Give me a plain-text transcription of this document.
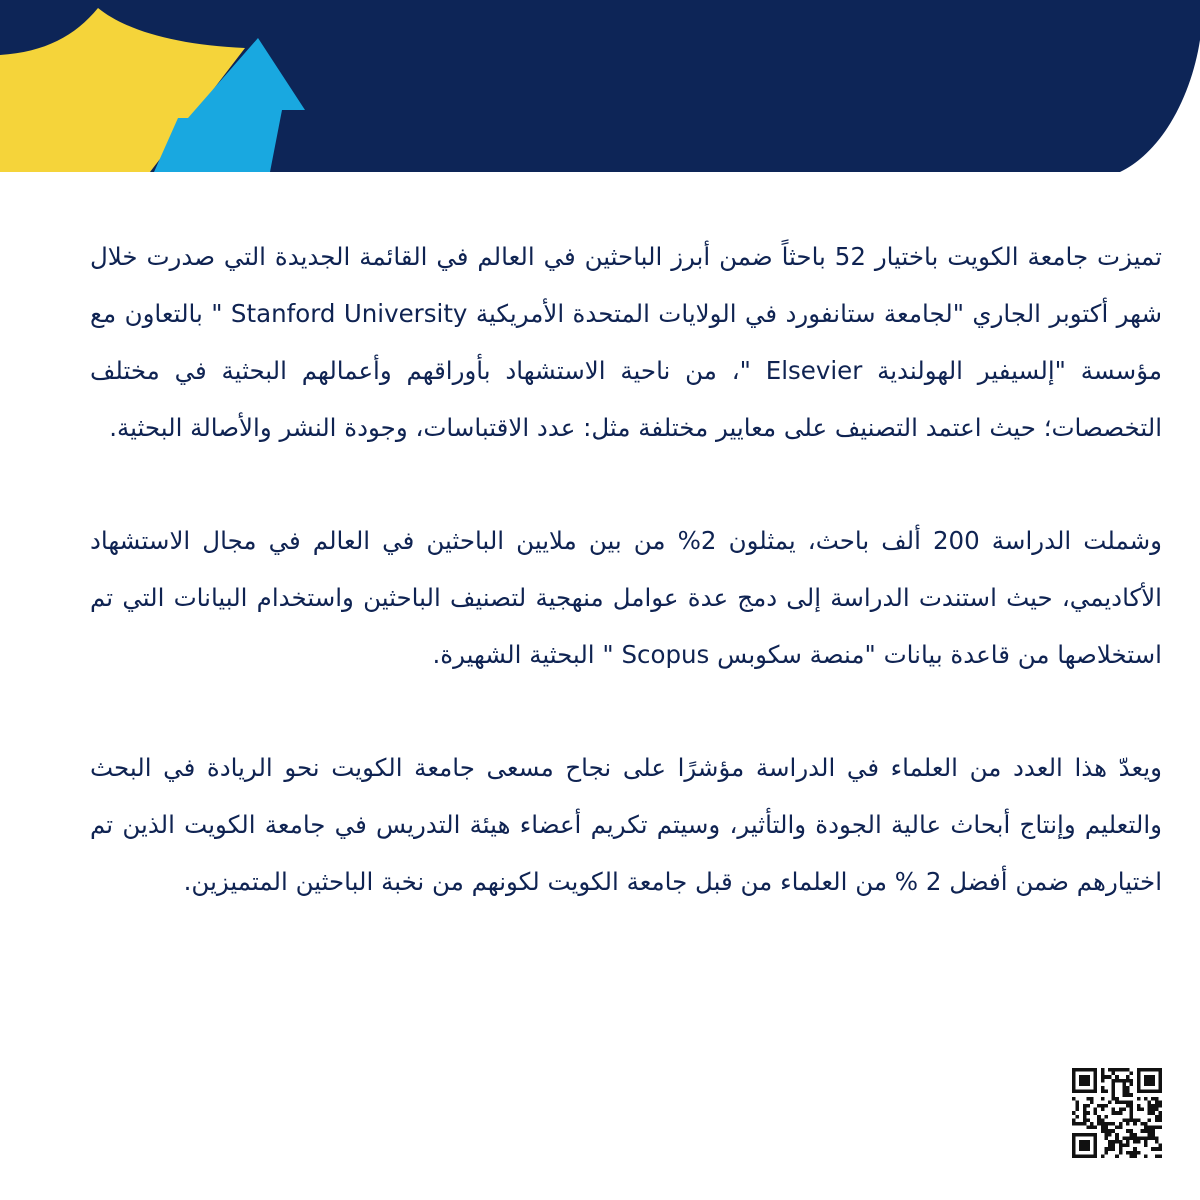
تميزت جامعة الكويت باختيار 52 باحثاً ضمن أبرز الباحثين في العالم في القائمة الجديدة التي صدرت خلال شهر أكتوبر الجاري "لجامعة ستانفورد في الولايات المتحدة الأمريكية Stanford University " بالتعاون مع مؤسسة "إلسيفير الهولندية Elsevier "، من ناحية الاستشهاد بأوراقهم وأعمالهم البحثية في مختلف التخصصات؛ حيث اعتمد التصنيف على معايير مختلفة مثل: عدد الاقتباسات، وجودة النشر والأصالة البحثية.

وشملت الدراسة 200 ألف باحث، يمثلون 2% من بين ملايين الباحثين في العالم في مجال الاستشهاد الأكاديمي، حيث استندت الدراسة إلى دمج عدة عوامل منهجية لتصنيف الباحثين واستخدام البيانات التي تم استخلاصها من قاعدة بيانات "منصة سكوبس Scopus " البحثية الشهيرة.

ويعدّ هذا العدد من العلماء في الدراسة مؤشرًا على نجاح مسعى جامعة الكويت نحو الريادة في البحث والتعليم وإنتاج أبحاث عالية الجودة والتأثير، وسيتم تكريم أعضاء هيئة التدريس في جامعة الكويت الذين تم اختيارهم ضمن أفضل 2 % من العلماء من قبل جامعة الكويت لكونهم من نخبة الباحثين المتميزين.
